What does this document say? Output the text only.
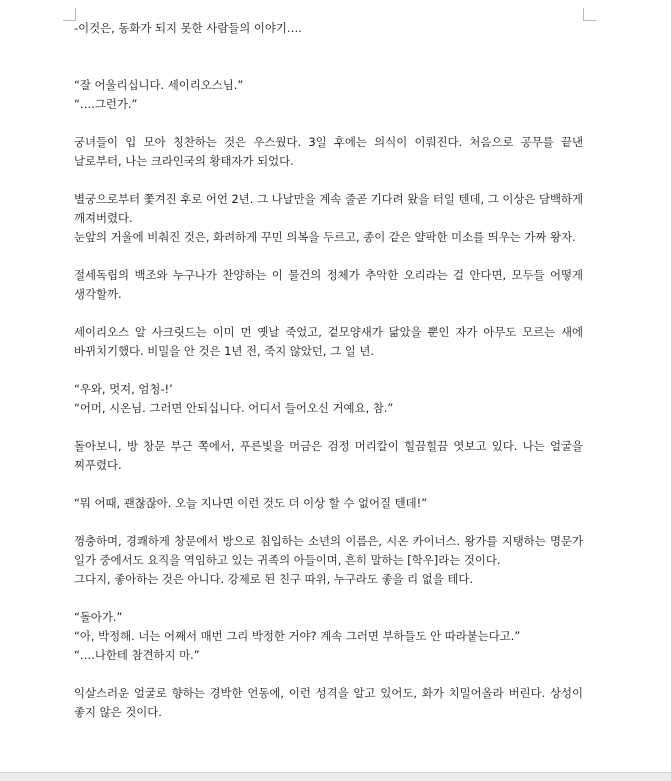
-이것은, 동화가 되지 못한 사람들의 이야기….

“잘 어울리십니다. 세이리오스님.”

“….그런가.”

궁녀들이 입 모아 칭찬하는 것은 우스웠다. 3일 후에는 의식이 이뤄진다. 처음으로 공무를 끝낸 날로부터, 나는 크라인국의 황태자가 되었다.

별궁으로부터 쫓겨진 후로 어언 2년. 그 나날만을 계속 줄곧 기다려 왔을 터일 텐데, 그 이상은 담백하게 깨져버렸다.

눈앞의 거울에 비춰진 것은, 화려하게 꾸민 의복을 두르고, 종이 같은 얄팍한 미소를 띄우는 가짜 왕자.

절세독립의 백조와 누구나가 찬양하는 이 물건의 정체가 추악한 오리라는 걸 안다면, 모두들 어떻게 생각할까.

세이리오스 알 사크릿드는 이미 먼 옛날 죽었고, 겉모양새가 닮았을 뿐인 자가 아무도 모르는 새에 바뀌치기했다. 비밀을 안 것은 1년 전, 죽지 않았던, 그 일 년.

“우와, 멋져, 엄청-!’

“어머, 시온님. 그러면 안되십니다. 어디서 들어오신 거예요, 참.”

돌아보니, 방 창문 부근 쪽에서, 푸른빛을 머금은 검정 머리칼이 힐끔힐끔 엿보고 있다. 나는 얼굴을 찌푸렸다.

“뭐 어때, 괜찮잖아. 오늘 지나면 이런 것도 더 이상 할 수 없어질 텐데!”

껑충하며, 경쾌하게 창문에서 방으로 침입하는 소년의 이름은, 시온 카이너스. 왕가를 지탱하는 명문가 일가 중에서도 요직을 역임하고 있는 귀족의 아들이며, 흔히 말하는 [학우]라는 것이다.

그다지, 좋아하는 것은 아니다. 강제로 된 친구 따위, 누구라도 좋을 리 없을 테다.

“돌아가.”

“아, 박정해. 너는 어째서 매번 그리 박정한 거야? 계속 그러면 부하들도 안 따라붙는다고.”

“….나한테 참견하지 마.”

익살스러운 얼굴로 향하는 경박한 언동에, 이런 성격을 알고 있어도, 화가 치밀어올라 버린다. 상성이 좋지 않은 것이다.
